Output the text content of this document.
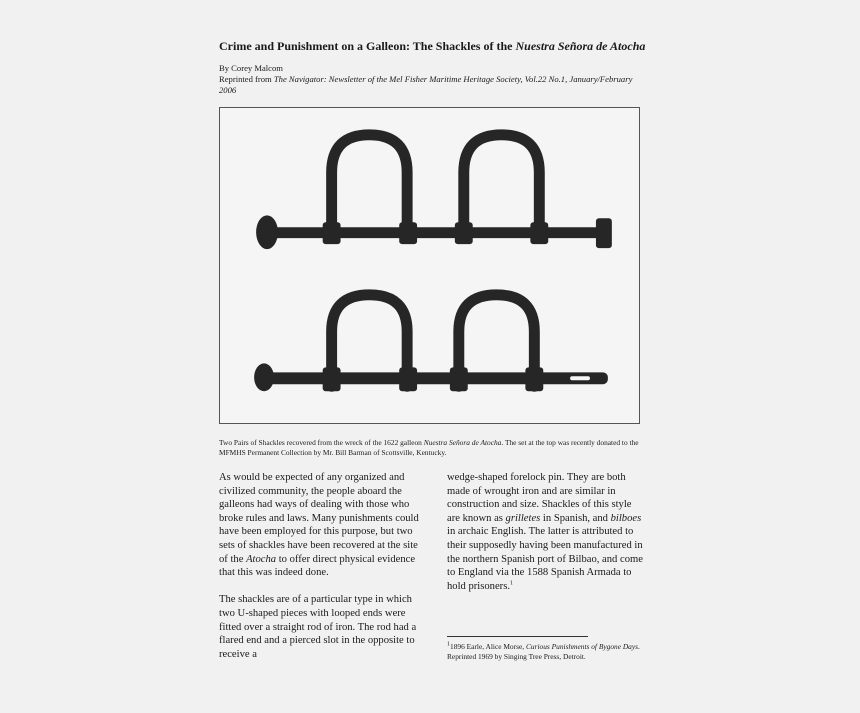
Crime and Punishment on a Galleon: The Shackles of the Nuestra Señora de Atocha
By Corey Malcom
Reprinted from The Navigator: Newsletter of the Mel Fisher Maritime Heritage Society, Vol.22 No.1, January/February 2006
Two Pairs of Shackles recovered from the wreck of the 1622 galleon Nuestra Señora de Atocha. The set at the top was recently donated to the MFMHS Permanent Collection by Mr. Bill Barman of Scottsville, Kentucky.

As would be expected of any organized and civilized community, the people aboard the galleons had ways of dealing with those who broke rules and laws. Many punishments could have been employed for this purpose, but two sets of shackles have been recovered at the site of the Atocha to offer direct physical evidence that this was indeed done.

The shackles are of a particular type in which two U-shaped pieces with looped ends were fitted over a straight rod of iron. The rod had a flared end and a pierced slot in the opposite to receive a

wedge-shaped forelock pin. They are both made of wrought iron and are similar in construction and size. Shackles of this style are known as grilletes in Spanish, and bilboes in archaic English. The latter is attributed to their supposedly having been manufactured in the northern Spanish port of Bilbao, and come to England via the 1588 Spanish Armada to hold prisoners.$^1$

$^1$1896 Earle, Alice Morse, Curious Punishments of Bygone Days. Reprinted 1969 by Singing Tree Press, Detroit.
